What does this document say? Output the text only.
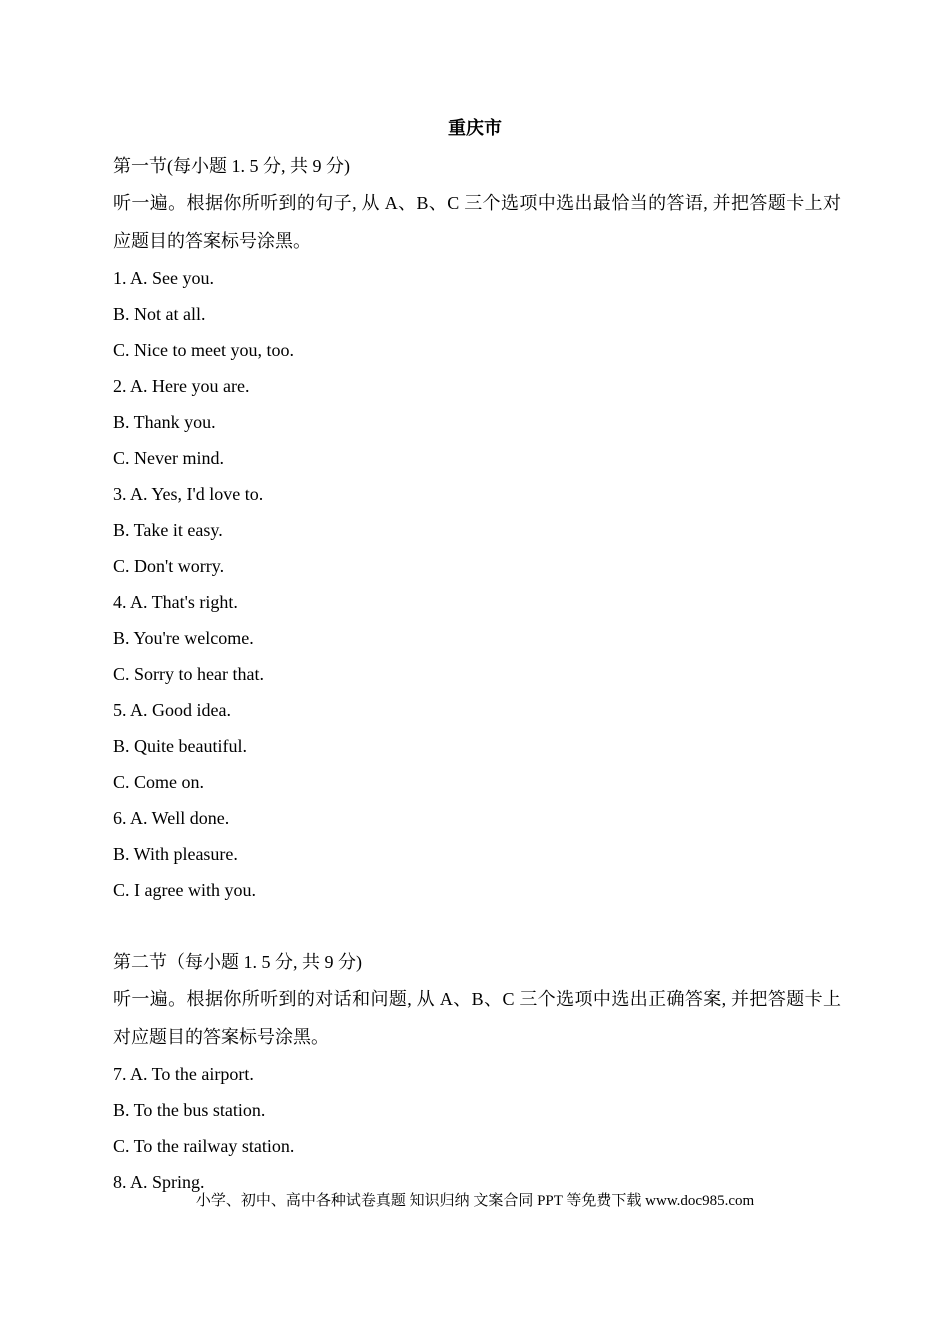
重庆市
第一节(每小题 1. 5 分, 共 9 分)
听一遍。根据你所听到的句子, 从 A、B、C 三个选项中选出最恰当的答语, 并把答题卡上对应题目的答案标号涂黑。
1. A. See you.
B. Not at all.
C. Nice to meet you, too.
2. A. Here you are.
B. Thank you.
C. Never mind.
3. A. Yes, I'd love to.
B. Take it easy.
C. Don't worry.
4. A. That's right.
B. You're welcome.
C. Sorry to hear that.
5. A. Good idea.
B. Quite beautiful.
C. Come on.
6. A. Well done.
B. With pleasure.
C. I agree with you.
第二节（每小题 1. 5 分, 共 9 分)
听一遍。根据你所听到的对话和问题, 从 A、B、C 三个选项中选出正确答案, 并把答题卡上对应题目的答案标号涂黑。
7. A. To the airport.
B. To the bus station.
C. To the railway station.
8. A. Spring.
小学、初中、高中各种试卷真题 知识归纳 文案合同 PPT 等免费下载 www.doc985.com
